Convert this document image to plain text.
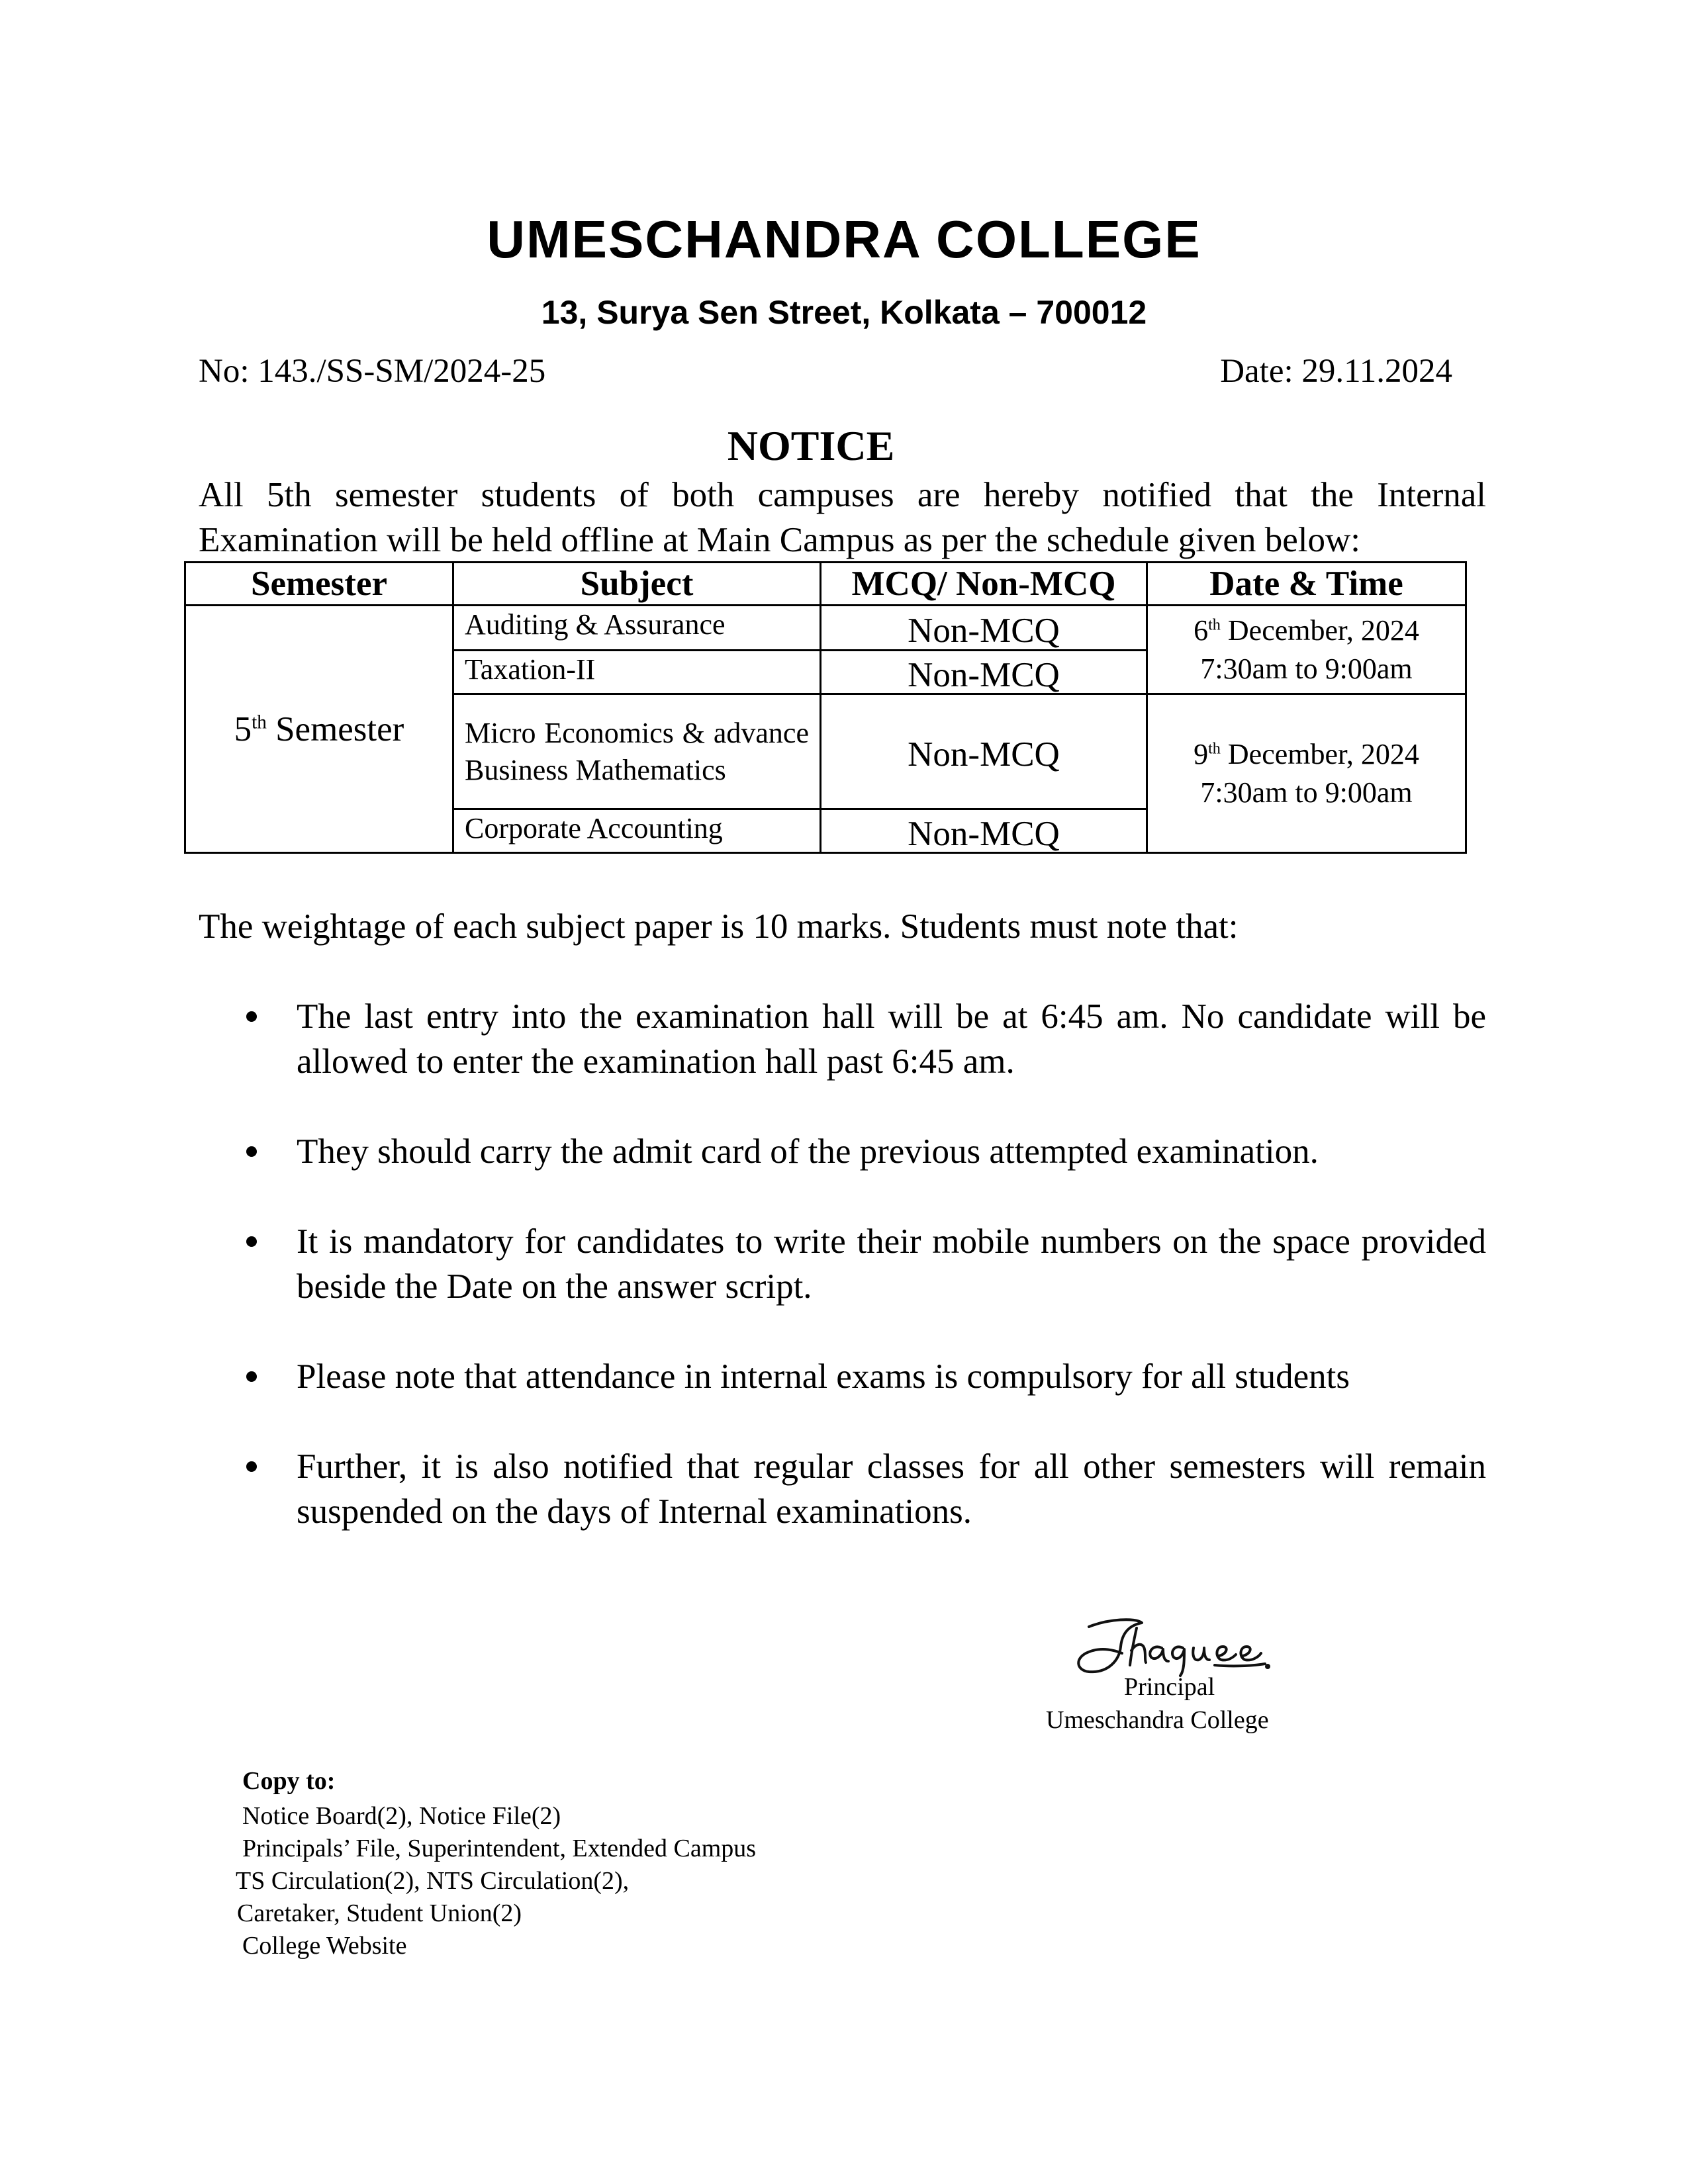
UMESCHANDRA COLLEGE
13, Surya Sen Street, Kolkata – 700012
No: 143./SS-SM/2024-25	Date: 29.11.2024
NOTICE
All 5th semester students of both campuses are hereby notified that the Internal
Examination will be held offline at Main Campus as per the schedule given below:
Semester	Subject	MCQ/ Non-MCQ	Date & Time
5th Semester	Auditing & Assurance	Non-MCQ	6th December, 2024
7:30am to 9:00am
	Taxation-II	Non-MCQ	
	Micro Economics & advance Business Mathematics	Non-MCQ	9th December, 2024
7:30am to 9:00am
	Corporate Accounting	Non-MCQ	
The weightage of each subject paper is 10 marks. Students must note that:
The last entry into the examination hall will be at 6:45 am. No candidate will be allowed to enter the examination hall past 6:45 am.
They should carry the admit card of the previous attempted examination.
It is mandatory for candidates to write their mobile numbers on the space provided beside the Date on the answer script.
Please note that attendance in internal exams is compulsory for all students
Further, it is also notified that regular classes for all other semesters will remain suspended on the days of Internal examinations.
Principal
Umeschandra College
Copy to:
Notice Board(2), Notice File(2)
Principals’ File, Superintendent, Extended Campus
TS Circulation(2), NTS Circulation(2),
Caretaker, Student Union(2)
College Website
